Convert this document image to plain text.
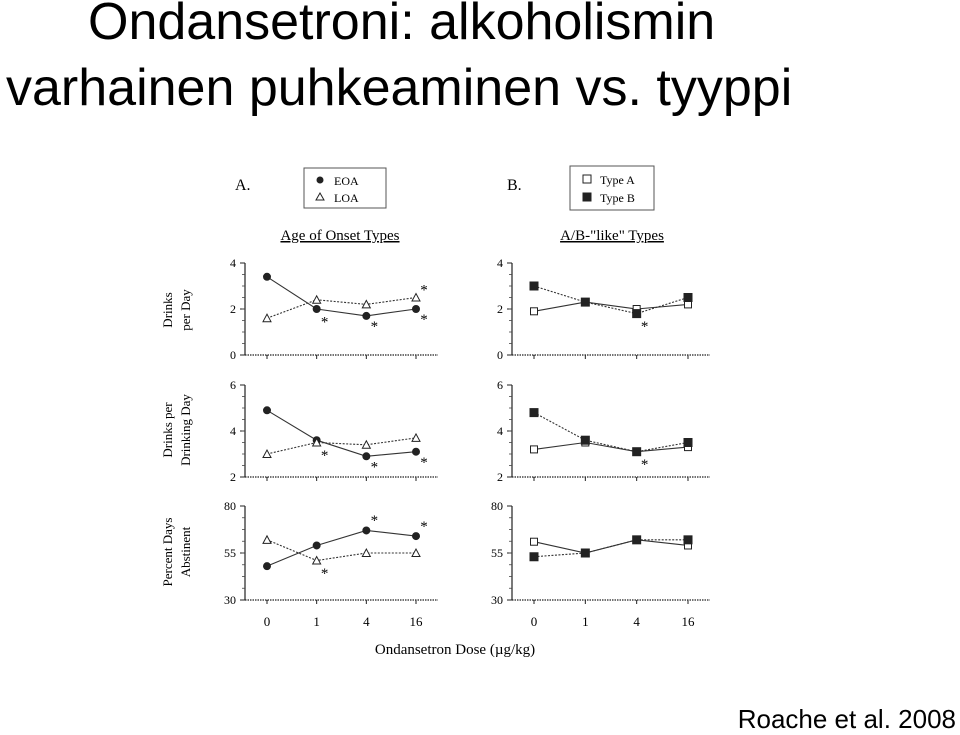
Ondansetroni: alkoholismin
varhainen puhkeaminen vs. tyyppi
A.	B.
EOA
LOA
Type A
Type B
Age of Onset Types	A/B-"like" Types
Drinks per Day
Drinks per Drinking Day
Percent Days Abstinent
Ondansetron Dose (µg/kg)
0
2
4
2
4
6
30
55
80
0	1	4	16
0
2
4
2
4
6
30
55
80
0	1	4	16
*	*
*
*
*
*	*
*
*	*
*
*
Roache et al. 2008
